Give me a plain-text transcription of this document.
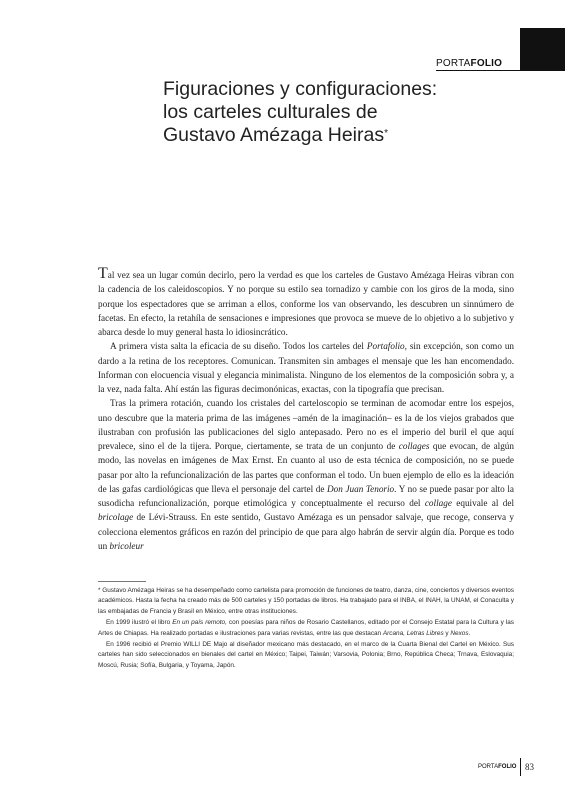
PORTAFOLIO
Figuraciones y configuraciones:
los carteles culturales de
Gustavo Amézaga Heiras*

Tal vez sea un lugar común decirlo, pero la verdad es que los carteles de Gustavo Amézaga Heiras vibran con la cadencia de los caleidoscopios. Y no porque su estilo sea tornadizo y cambie con los giros de la moda, sino porque los espectadores que se arriman a ellos, conforme los van observando, les descubren un sinnúmero de facetas. En efecto, la retahíla de sensaciones e impresiones que provoca se mueve de lo objetivo a lo subjetivo y abarca desde lo muy general hasta lo idiosincrático.

A primera vista salta la eficacia de su diseño. Todos los carteles del Portafolio, sin excepción, son como un dardo a la retina de los receptores. Comunican. Transmiten sin ambages el mensaje que les han encomendado. Informan con elocuencia visual y elegancia minimalista. Ninguno de los elementos de la composición sobra y, a la vez, nada falta. Ahí están las figuras decimonónicas, exactas, con la tipografía que precisan.

Tras la primera rotación, cuando los cristales del carteloscopio se terminan de acomodar entre los espejos, uno descubre que la materia prima de las imágenes –amén de la imaginación– es la de los viejos grabados que ilustraban con profusión las publicaciones del siglo antepasado. Pero no es el imperio del buril el que aquí prevalece, sino el de la tijera. Porque, ciertamente, se trata de un conjunto de collages que evocan, de algún modo, las novelas en imágenes de Max Ernst. En cuanto al uso de esta técnica de composición, no se puede pasar por alto la refuncionalización de las partes que conforman el todo. Un buen ejemplo de ello es la ideación de las gafas cardiológicas que lleva el personaje del cartel de Don Juan Tenorio. Y no se puede pasar por alto la susodicha refuncionalización, porque etimológica y conceptualmente el recurso del collage equivale al del bricolage de Lévi-Strauss. En este sentido, Gustavo Amézaga es un pensador salvaje, que recoge, conserva y colecciona elementos gráficos en razón del principio de que para algo habrán de servir algún día. Porque es todo un bricoleur

* Gustavo Amézaga Heiras se ha desempeñado como cartelista para promoción de funciones de teatro, danza, cine, conciertos y diversos eventos académicos. Hasta la fecha ha creado más de 500 carteles y 150 portadas de libros. Ha trabajado para el INBA, el INAH, la UNAM, el Conaculta y las embajadas de Francia y Brasil en México, entre otras instituciones.

En 1999 ilustró el libro En un país remoto, con poesías para niños de Rosario Castellanos, editado por el Consejo Estatal para la Cultura y las Artes de Chiapas. Ha realizado portadas e ilustraciones para varias revistas, entre las que destacan Arcana, Letras Libres y Nexos.

En 1996 recibió el Premio WILLI DE Majo al diseñador mexicano más destacado, en el marco de la Cuarta Bienal del Cartel en México. Sus carteles han sido seleccionados en bienales del cartel en México; Taipei, Taiwán; Varsovia, Polonia; Brno, República Checa; Trnava, Eslovaquia; Moscú, Rusia; Sofía, Bulgaria, y Toyama, Japón.

PORTAFOLIO 83
